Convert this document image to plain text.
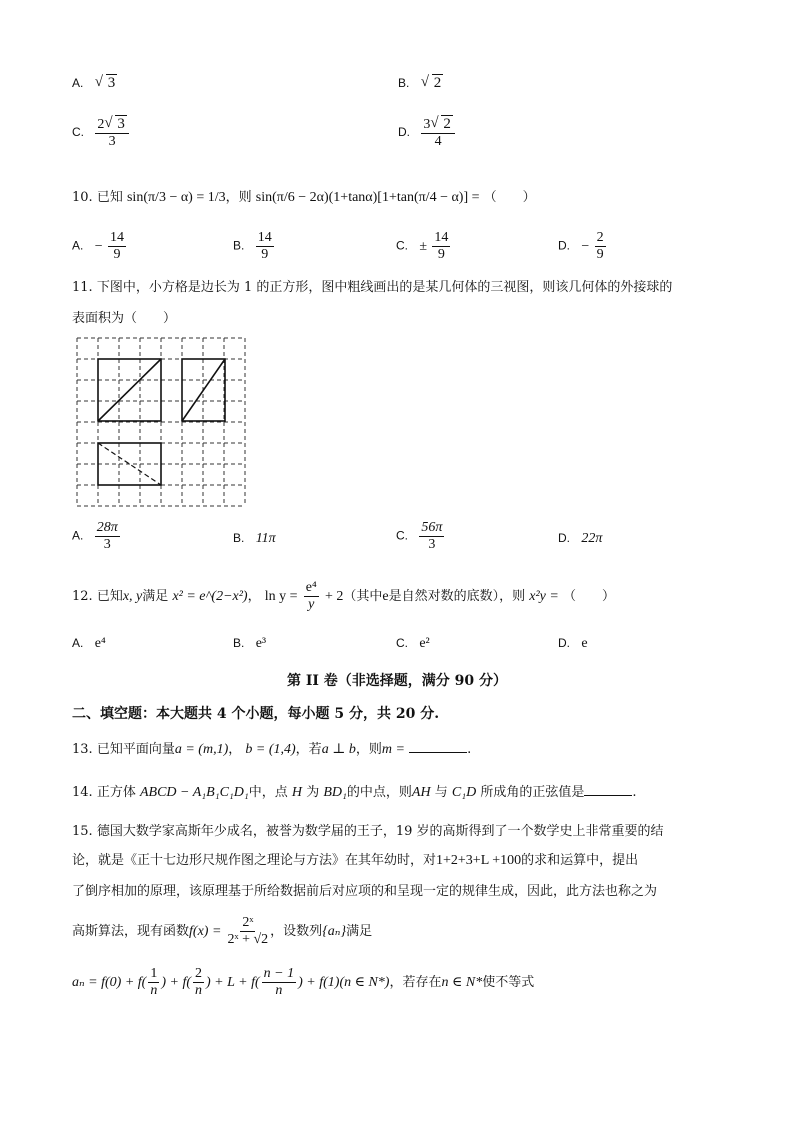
A. √ 3	B. √ 2
C. $\frac{2 √ 3}{3}$	D. $\frac{3 √ 2}{4}$
10. 已知 sin(π/3 − α) = 1/3，则 sin(π/6 − 2α)(1+tanα)[1+tan(π/4 − α)] = （　　）
A. − $\frac{14}{9}$	B. $\frac{14}{9}$	C. ± $\frac{14}{9}$	D. − $\frac{2}{9}$
11. 下图中，小方格是边长为 1 的正方形，图中粗线画出的是某几何体的三视图，则该几何体的外接球的
表面积为（　　）
A. $\frac{28\pi}{3}$	B. 11π	C. $\frac{56\pi}{3}$	D. 22π
12. 已知x, y满足 x² = e^(2−x²)， $\ln y = \frac{\text{e⁴}}{y} + 2$（其中e是自然对数的底数），则 x²y = （　　）
A. e⁴	B. e³	C. e²	D. e
第 II 卷（非选择题，满分 90 分）
二、填空题：本大题共 4 个小题，每小题 5 分，共 20 分.
13. 已知平面向量a = (m,1)， b = (1,4)，若a ⊥ b，则m =	.
14. 正方体 ABCD − A₁B₁C₁D₁中，点 H 为 BD₁的中点，则AH 与 C₁D 所成角的正弦值是	.
15. 德国大数学家高斯年少成名，被誉为数学届的王子，19 岁的高斯得到了一个数学史上非常重要的结
论，就是《正十七边形尺规作图之理论与方法》在其年幼时，对1+2+3+L +100的求和运算中，提出
了倒序相加的原理，该原理基于所给数据前后对应项的和呈现一定的规律生成，因此，此方法也称之为
高斯算法，现有函数$f(x) = \frac{\text{2ˣ}}{\text{2ˣ + √2}}$ ，设数列{aₙ}满足
$a_n = f(0) + f( \frac{1}{n}$ ) + $f( \frac{2}{n}$ ) + $L + f( \frac{n - 1}{n}$ ) + f(1)(n ∈ N*)，若存在n ∈ N*使不等式
